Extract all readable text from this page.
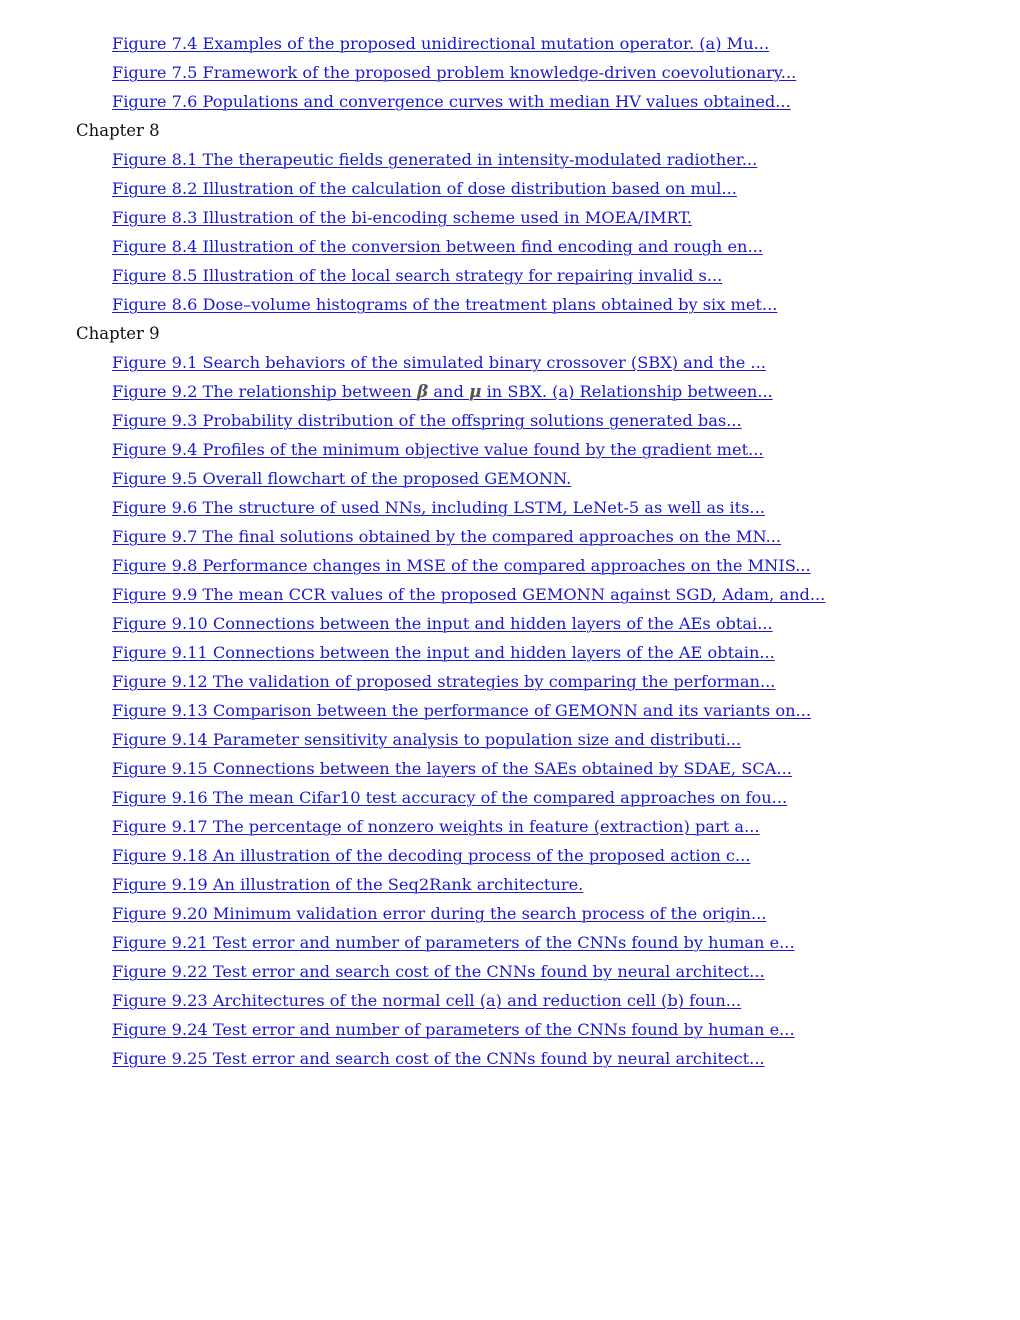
Figure 7.4 Examples of the proposed unidirectional mutation operator. (a) Mu...
Figure 7.5 Framework of the proposed problem knowledge-driven coevolutionary...
Figure 7.6 Populations and convergence curves with median HV values obtained...
Chapter 8
Figure 8.1 The therapeutic fields generated in intensity-modulated radiother...
Figure 8.2 Illustration of the calculation of dose distribution based on mul...
Figure 8.3 Illustration of the bi-encoding scheme used in MOEA/IMRT.
Figure 8.4 Illustration of the conversion between find encoding and rough en...
Figure 8.5 Illustration of the local search strategy for repairing invalid s...
Figure 8.6 Dose–volume histograms of the treatment plans obtained by six met...
Chapter 9
Figure 9.1 Search behaviors of the simulated binary crossover (SBX) and the ...
Figure 9.2 The relationship between β and μ in SBX. (a) Relationship between...
Figure 9.3 Probability distribution of the offspring solutions generated bas...
Figure 9.4 Profiles of the minimum objective value found by the gradient met...
Figure 9.5 Overall flowchart of the proposed GEMONN.
Figure 9.6 The structure of used NNs, including LSTM, LeNet-5 as well as its...
Figure 9.7 The final solutions obtained by the compared approaches on the MN...
Figure 9.8 Performance changes in MSE of the compared approaches on the MNIS...
Figure 9.9 The mean CCR values of the proposed GEMONN against SGD, Adam, and...
Figure 9.10 Connections between the input and hidden layers of the AEs obtai...
Figure 9.11 Connections between the input and hidden layers of the AE obtain...
Figure 9.12 The validation of proposed strategies by comparing the performan...
Figure 9.13 Comparison between the performance of GEMONN and its variants on...
Figure 9.14 Parameter sensitivity analysis to population size and distributi...
Figure 9.15 Connections between the layers of the SAEs obtained by SDAE, SCA...
Figure 9.16 The mean Cifar10 test accuracy of the compared approaches on fou...
Figure 9.17 The percentage of nonzero weights in feature (extraction) part a...
Figure 9.18 An illustration of the decoding process of the proposed action c...
Figure 9.19 An illustration of the Seq2Rank architecture.
Figure 9.20 Minimum validation error during the search process of the origin...
Figure 9.21 Test error and number of parameters of the CNNs found by human e...
Figure 9.22 Test error and search cost of the CNNs found by neural architect...
Figure 9.23 Architectures of the normal cell (a) and reduction cell (b) foun...
Figure 9.24 Test error and number of parameters of the CNNs found by human e...
Figure 9.25 Test error and search cost of the CNNs found by neural architect...
